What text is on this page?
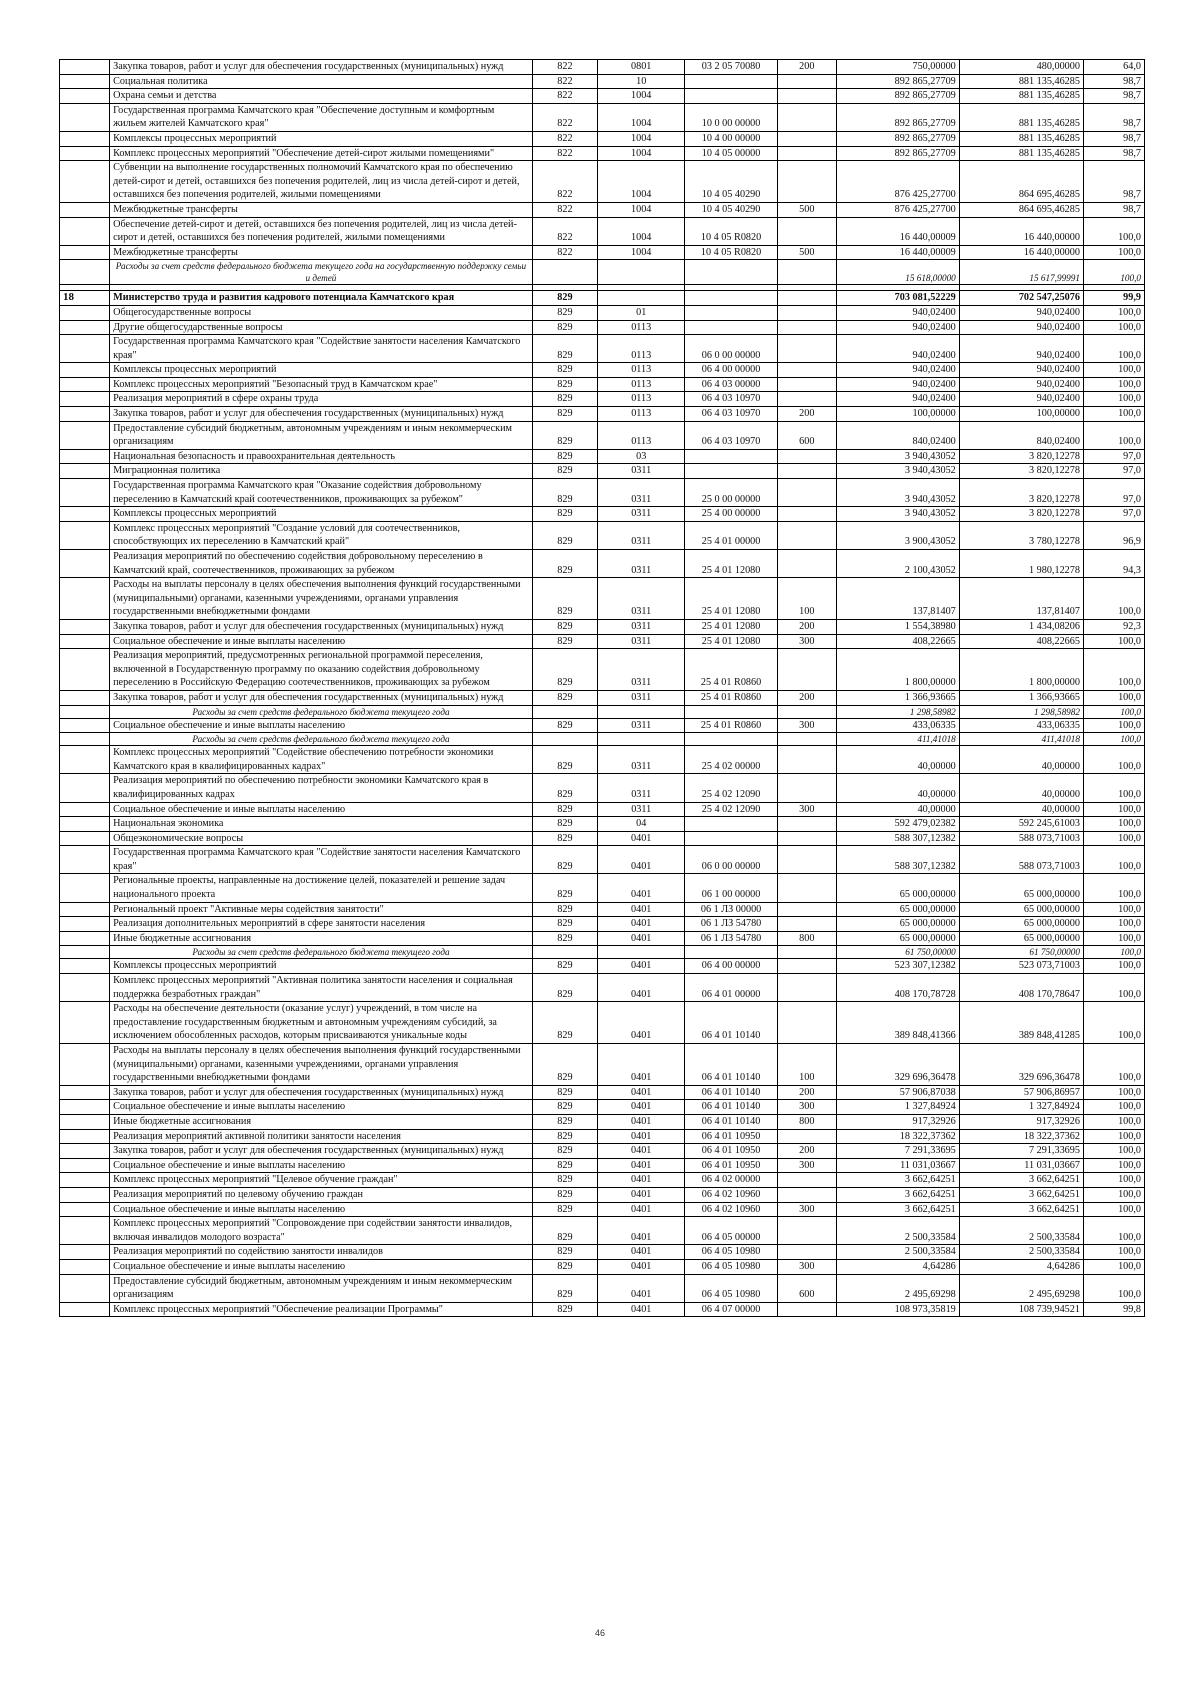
	Закупка товаров, работ и услуг для обеспечения государственных (муниципальных) нужд	822	0801	03 2 05 70080	200	750,00000	480,00000	64,0
	Социальная политика	822	10			892 865,27709	881 135,46285	98,7
	Охрана семьи и детства	822	1004			892 865,27709	881 135,46285	98,7
	Государственная программа Камчатского края "Обеспечение доступным и комфортным жильем жителей Камчатского края"	822	1004	10 0 00 00000		892 865,27709	881 135,46285	98,7
	Комплексы процессных мероприятий	822	1004	10 4 00 00000		892 865,27709	881 135,46285	98,7
	Комплекс процессных мероприятий "Обеспечение детей-сирот жилыми помещениями"	822	1004	10 4 05 00000		892 865,27709	881 135,46285	98,7
	Субвенции на выполнение государственных полномочий Камчатского края по обеспечению детей-сирот и детей, оставшихся без попечения родителей, лиц из числа детей-сирот и детей, оставшихся без попечения родителей, жилыми помещениями	822	1004	10 4 05 40290		876 425,27700	864 695,46285	98,7
	Межбюджетные трансферты	822	1004	10 4 05 40290	500	876 425,27700	864 695,46285	98,7
	Обеспечение детей-сирот и детей, оставшихся без попечения родителей, лиц из числа детей-сирот и детей, оставшихся без попечения родителей, жилыми помещениями	822	1004	10 4 05 R0820		16 440,00009	16 440,00000	100,0
	Межбюджетные трансферты	822	1004	10 4 05 R0820	500	16 440,00009	16 440,00000	100,0
	Расходы за счет средств федерального бюджета текущего года на государственную поддержку семьи и детей					15 618,00000	15 617,99991	100,0

18	Министерство труда и развития кадрового потенциала Камчатского края	829				703 081,52229	702 547,25076	99,9
	Общегосударственные вопросы	829	01			940,02400	940,02400	100,0
	Другие общегосударственные вопросы	829	0113			940,02400	940,02400	100,0
	Государственная программа Камчатского края "Содействие занятости населения Камчатского края"	829	0113	06 0 00 00000		940,02400	940,02400	100,0
	Комплексы процессных мероприятий	829	0113	06 4 00 00000		940,02400	940,02400	100,0
	Комплекс процессных мероприятий "Безопасный труд в Камчатском крае"	829	0113	06 4 03 00000		940,02400	940,02400	100,0
	Реализация мероприятий в сфере охраны труда	829	0113	06 4 03 10970		940,02400	940,02400	100,0
	Закупка товаров, работ и услуг для обеспечения государственных (муниципальных) нужд	829	0113	06 4 03 10970	200	100,00000	100,00000	100,0
	Предоставление субсидий бюджетным, автономным учреждениям и иным некоммерческим организациям	829	0113	06 4 03 10970	600	840,02400	840,02400	100,0
	Национальная безопасность и правоохранительная деятельность	829	03			3 940,43052	3 820,12278	97,0
	Миграционная политика	829	0311			3 940,43052	3 820,12278	97,0
	Государственная программа Камчатского края "Оказание содействия добровольному переселению в Камчатский край соотечественников, проживающих за рубежом"	829	0311	25 0 00 00000		3 940,43052	3 820,12278	97,0
	Комплексы процессных мероприятий	829	0311	25 4 00 00000		3 940,43052	3 820,12278	97,0
	Комплекс процессных мероприятий "Создание условий для соотечественников, способствующих их переселению в Камчатский край"	829	0311	25 4 01 00000		3 900,43052	3 780,12278	96,9
	Реализация мероприятий по обеспечению содействия добровольному переселению в Камчатский край, соотечественников, проживающих за рубежом	829	0311	25 4 01 12080		2 100,43052	1 980,12278	94,3
	Расходы на выплаты персоналу в целях обеспечения выполнения функций государственными (муниципальными) органами, казенными учреждениями, органами управления государственными внебюджетными фондами	829	0311	25 4 01 12080	100	137,81407	137,81407	100,0
	Закупка товаров, работ и услуг для обеспечения государственных (муниципальных) нужд	829	0311	25 4 01 12080	200	1 554,38980	1 434,08206	92,3
	Социальное обеспечение и иные выплаты населению	829	0311	25 4 01 12080	300	408,22665	408,22665	100,0
	Реализация мероприятий, предусмотренных региональной программой переселения, включенной в Государственную программу по оказанию содействия добровольному переселению в Российскую Федерацию соотечественников, проживающих за рубежом	829	0311	25 4 01 R0860		1 800,00000	1 800,00000	100,0
	Закупка товаров, работ и услуг для обеспечения государственных (муниципальных) нужд	829	0311	25 4 01 R0860	200	1 366,93665	1 366,93665	100,0
	Расходы за счет средств федерального бюджета текущего года					1 298,58982	1 298,58982	100,0
	Социальное обеспечение и иные выплаты населению	829	0311	25 4 01 R0860	300	433,06335	433,06335	100,0
	Расходы за счет средств федерального бюджета текущего года					411,41018	411,41018	100,0
	Комплекс процессных мероприятий "Содействие обеспечению потребности экономики Камчатского края в квалифицированных кадрах"	829	0311	25 4 02 00000		40,00000	40,00000	100,0
	Реализация мероприятий по обеспечению потребности экономики Камчатского края в квалифицированных кадрах	829	0311	25 4 02 12090		40,00000	40,00000	100,0
	Социальное обеспечение и иные выплаты населению	829	0311	25 4 02 12090	300	40,00000	40,00000	100,0
	Национальная экономика	829	04			592 479,02382	592 245,61003	100,0
	Общеэкономические вопросы	829	0401			588 307,12382	588 073,71003	100,0
	Государственная программа Камчатского края "Содействие занятости населения Камчатского края"	829	0401	06 0 00 00000		588 307,12382	588 073,71003	100,0
	Региональные проекты, направленные на достижение целей, показателей и решение задач национального проекта	829	0401	06 1 00 00000		65 000,00000	65 000,00000	100,0
	Региональный проект "Активные меры содействия занятости"	829	0401	06 1 ЛЗ 00000		65 000,00000	65 000,00000	100,0
	Реализация дополнительных мероприятий в сфере занятости населения	829	0401	06 1 ЛЗ 54780		65 000,00000	65 000,00000	100,0
	Иные бюджетные ассигнования	829	0401	06 1 ЛЗ 54780	800	65 000,00000	65 000,00000	100,0
	Расходы за счет средств федерального бюджета текущего года					61 750,00000	61 750,00000	100,0
	Комплексы процессных мероприятий	829	0401	06 4 00 00000		523 307,12382	523 073,71003	100,0
	Комплекс процессных мероприятий "Активная политика занятости населения и социальная поддержка безработных граждан"	829	0401	06 4 01 00000		408 170,78728	408 170,78647	100,0
	Расходы на обеспечение деятельности (оказание услуг) учреждений, в том числе на предоставление государственным бюджетным и автономным учреждениям субсидий, за исключением обособленных расходов, которым присваиваются уникальные коды	829	0401	06 4 01 10140		389 848,41366	389 848,41285	100,0
	Расходы на выплаты персоналу в целях обеспечения выполнения функций государственными (муниципальными) органами, казенными учреждениями, органами управления государственными внебюджетными фондами	829	0401	06 4 01 10140	100	329 696,36478	329 696,36478	100,0
	Закупка товаров, работ и услуг для обеспечения государственных (муниципальных) нужд	829	0401	06 4 01 10140	200	57 906,87038	57 906,86957	100,0
	Социальное обеспечение и иные выплаты населению	829	0401	06 4 01 10140	300	1 327,84924	1 327,84924	100,0
	Иные бюджетные ассигнования	829	0401	06 4 01 10140	800	917,32926	917,32926	100,0
	Реализация мероприятий активной политики занятости населения	829	0401	06 4 01 10950		18 322,37362	18 322,37362	100,0
	Закупка товаров, работ и услуг для обеспечения государственных (муниципальных) нужд	829	0401	06 4 01 10950	200	7 291,33695	7 291,33695	100,0
	Социальное обеспечение и иные выплаты населению	829	0401	06 4 01 10950	300	11 031,03667	11 031,03667	100,0
	Комплекс процессных мероприятий "Целевое обучение граждан"	829	0401	06 4 02 00000		3 662,64251	3 662,64251	100,0
	Реализация мероприятий по целевому обучению граждан	829	0401	06 4 02 10960		3 662,64251	3 662,64251	100,0
	Социальное обеспечение и иные выплаты населению	829	0401	06 4 02 10960	300	3 662,64251	3 662,64251	100,0
	Комплекс процессных мероприятий "Сопровождение при содействии занятости инвалидов, включая инвалидов молодого возраста"	829	0401	06 4 05 00000		2 500,33584	2 500,33584	100,0
	Реализация мероприятий по содействию занятости инвалидов	829	0401	06 4 05 10980		2 500,33584	2 500,33584	100,0
	Социальное обеспечение и иные выплаты населению	829	0401	06 4 05 10980	300	4,64286	4,64286	100,0
	Предоставление субсидий бюджетным, автономным учреждениям и иным некоммерческим организациям	829	0401	06 4 05 10980	600	2 495,69298	2 495,69298	100,0
	Комплекс процессных мероприятий "Обеспечение реализации Программы"	829	0401	06 4 07 00000		108 973,35819	108 739,94521	99,8
46
